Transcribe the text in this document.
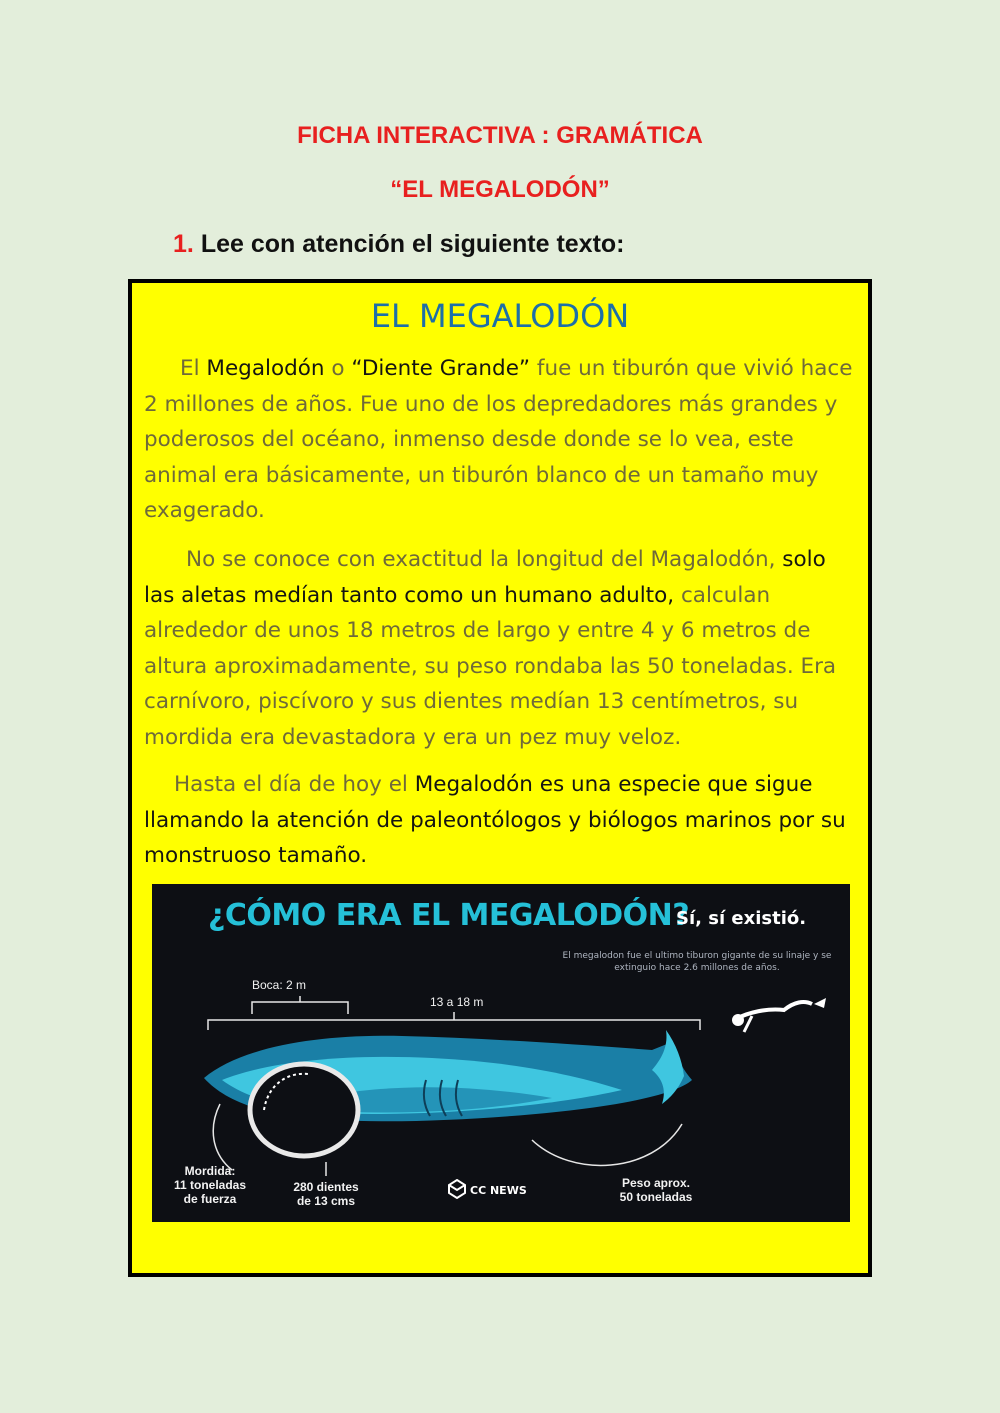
FICHA INTERACTIVA : GRAMÁTICA
“EL MEGALODÓN”
1. Lee con atención el siguiente texto:
EL MEGALODÓN

El Megalodón o “Diente Grande” fue un tiburón que vivió hace 2 millones de años. Fue uno de los depredadores más grandes y poderosos del océano, inmenso desde donde se lo vea, este animal era básicamente, un tiburón blanco de un tamaño muy exagerado.

No se conoce con exactitud la longitud del Magalodón, solo las aletas medían tanto como un humano adulto, calculan alrededor de unos 18 metros de largo y entre 4 y 6 metros de altura aproximadamente, su peso rondaba las 50 toneladas. Era carnívoro, piscívoro y sus dientes medían 13 centímetros, su mordida era devastadora y era un pez muy veloz.

Hasta el día de hoy el Megalodón es una especie que sigue llamando la atención de paleontólogos y biólogos marinos por su monstruoso tamaño.

¿CÓMO ERA EL MEGALODÓN?
Sí, sí existió.
El megalodon fue el ultimo tiburon gigante de su linaje y se extinguio hace 2.6 millones de años.
Boca: 2 m
13 a 18 m
Mordida:
11 toneladas
de fuerza
280 dientes
de 13 cms
Peso aprox.
50 toneladas
CC NEWS
